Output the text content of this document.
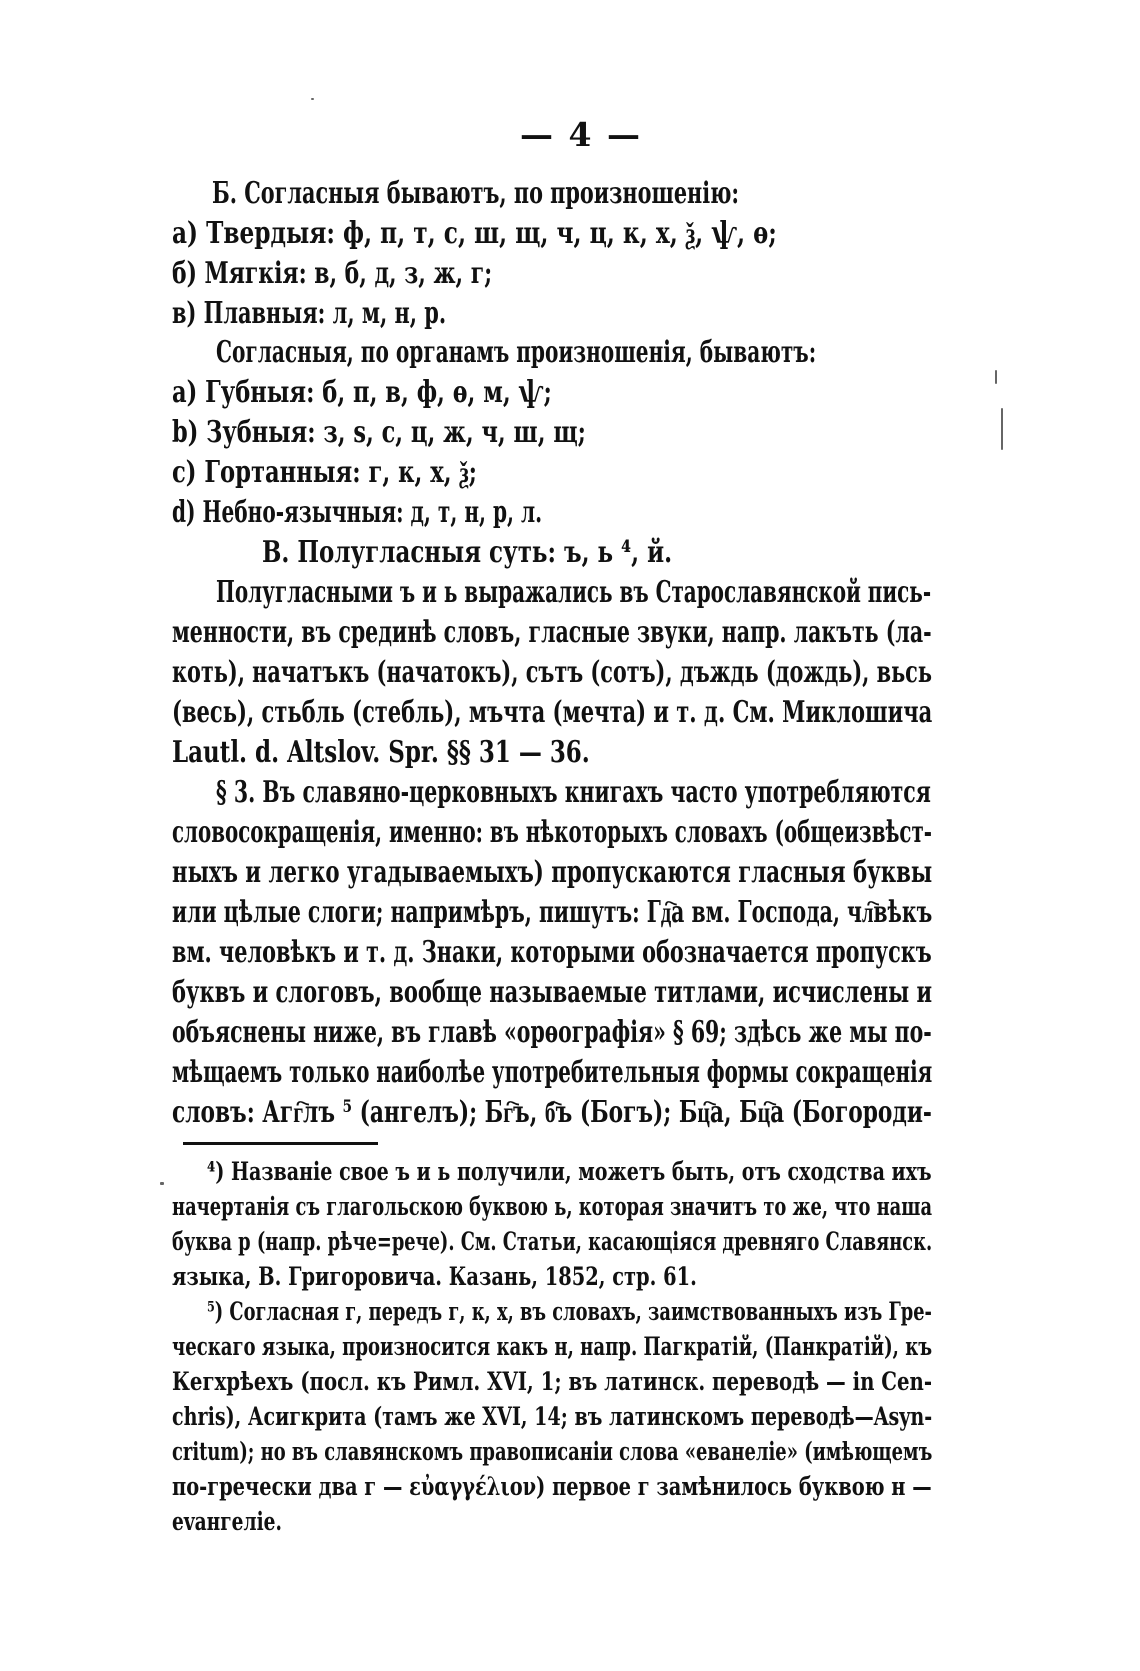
— 4 —
Б. Согласныя бываютъ, по произношенію:
а) Твердыя: ф, п, т, с, ш, щ, ч, ц, к, х, ѯ, ѱ, ѳ;
б) Мягкія: в, б, д, з, ж, г;
в) Плавныя: л, м, н, р.
Согласныя, по органамъ произношенія, бываютъ:
а) Губныя: б, п, в, ф, ѳ, м, ѱ;
b) Зубныя: з, ѕ, с, ц, ж, ч, ш, щ;
c) Гортанныя: г, к, х, ѯ;
d) Небно-язычныя: д, т, н, р, л.
В. Полугласныя суть: ъ, ь ⁴, й.
Полугласными ъ и ь выражались въ Старославянской пись-
менности, въ срединѣ словъ, гласные звуки, напр. лакъть (ла-
коть), начатъкъ (начатокъ), сътъ (сотъ), дъждь (дождь), вьсь
(весь), стьбль (стебль), мъчта (мечта) и т. д. См. Миклошича
Lautl. d. Altslov. Spr. §§ 31 — 36.
§ 3. Въ славяно-церковныхъ книгахъ часто употребляются
словосокращенія, именно: въ нѣкоторыхъ словахъ (общеизвѣст-
ныхъ и легко угадываемыхъ) пропускаются гласныя буквы
или цѣлые слоги; напримѣръ, пишутъ: Гд҇а вм. Господа, чл҇вѣкъ
вм. человѣкъ и т. д. Знаки, которыми обозначается пропускъ
буквъ и слоговъ, вообще называемые титлами, исчислены и
объяснены ниже, въ главѣ «орѳографія» § 69; здѣсь же мы по-
мѣщаемъ только наиболѣе употребительныя формы сокращенія
словъ: Агг҇лъ ⁵ (ангелъ); Бг҇ъ, б҇ъ (Богъ); Бц҇а, Бц҇а (Богороди-
⁴) Названіе свое ъ и ь получили, можетъ быть, отъ сходства ихъ
начертанія съ глагольскою буквою ь, которая значитъ то же, что наша
буква р (напр. рѣче=рече). См. Статьи, касающіяся древняго Славянск.
языка, В. Григоровича. Казань, 1852, стр. 61.
⁵) Согласная г, передъ г, к, х, въ словахъ, заимствованныхъ изъ Гре-
ческаго языка, произносится какъ н, напр. Пагкратій, (Панкратій), къ
Кегхрѣехъ (посл. къ Римл. XVI, 1; въ латинск. переводѣ — in Cen-
chris), Асигкрита (тамъ же XVI, 14; въ латинскомъ переводѣ—Asyn-
critum); но въ славянскомъ правописаніи слова «еванеліе» (имѣющемъ
по-гречески два г — εὐαγγέλιον) первое г замѣнилось буквою н —
еvангеліе.
